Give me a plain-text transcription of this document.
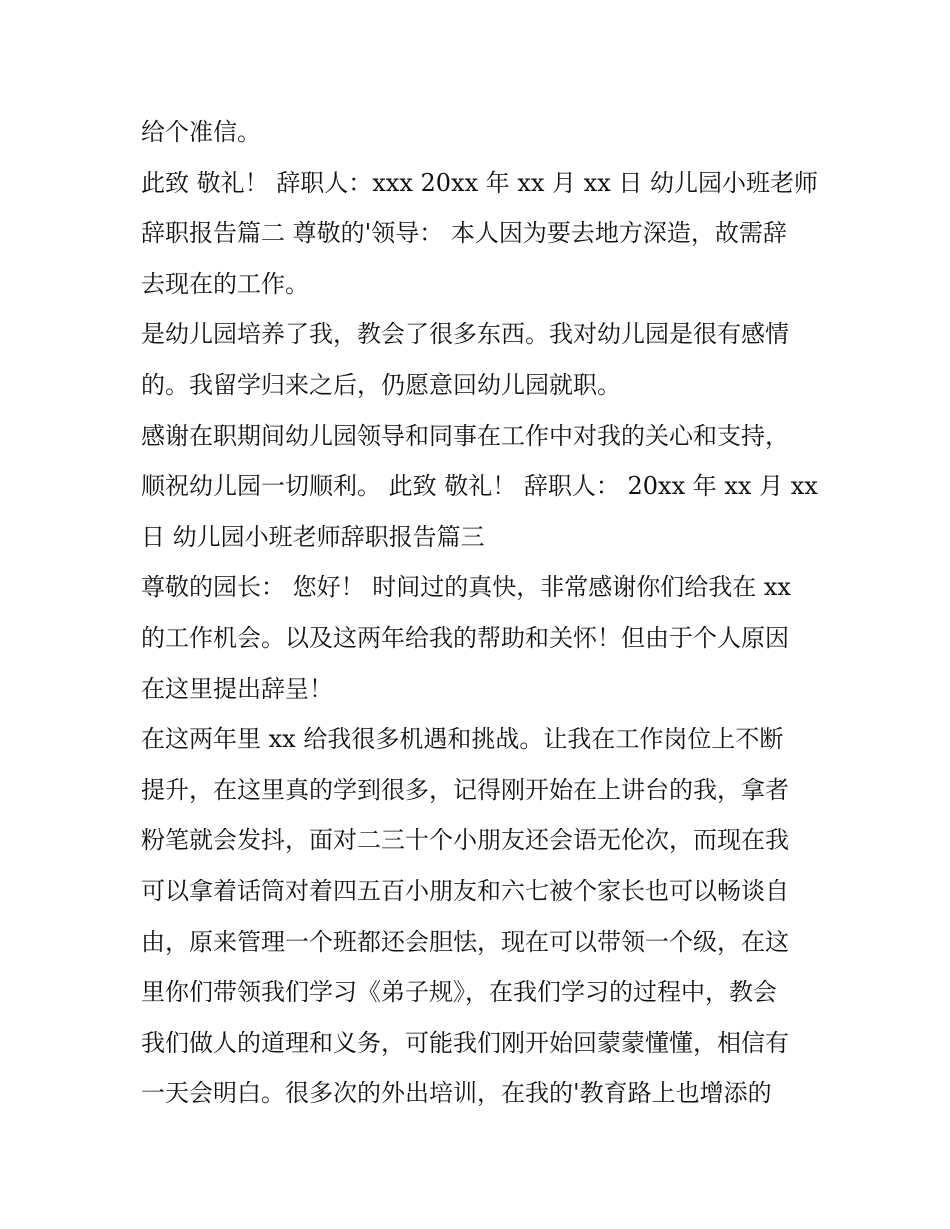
给个准信。
此致 敬礼！ 辞职人：xxx 20xx 年 xx 月 xx 日 幼儿园小班老师
辞职报告篇二 尊敬的'领导： 本人因为要去地方深造，故需辞
去现在的工作。
是幼儿园培养了我，教会了很多东西。我对幼儿园是很有感情
的。我留学归来之后，仍愿意回幼儿园就职。
感谢在职期间幼儿园领导和同事在工作中对我的关心和支持，
顺祝幼儿园一切顺利。 此致 敬礼！ 辞职人： 20xx 年 xx 月 xx
日 幼儿园小班老师辞职报告篇三
尊敬的园长： 您好！ 时间过的真快，非常感谢你们给我在 xx
的工作机会。以及这两年给我的帮助和关怀！但由于个人原因
在这里提出辞呈！
在这两年里 xx 给我很多机遇和挑战。让我在工作岗位上不断
提升，在这里真的学到很多，记得刚开始在上讲台的我，拿者
粉笔就会发抖，面对二三十个小朋友还会语无伦次，而现在我
可以拿着话筒对着四五百小朋友和六七被个家长也可以畅谈自
由，原来管理一个班都还会胆怯，现在可以带领一个级，在这
里你们带领我们学习《弟子规》，在我们学习的过程中，教会
我们做人的道理和义务，可能我们刚开始回蒙蒙懂懂，相信有
一天会明白。很多次的外出培训，在我的'教育路上也增添的
